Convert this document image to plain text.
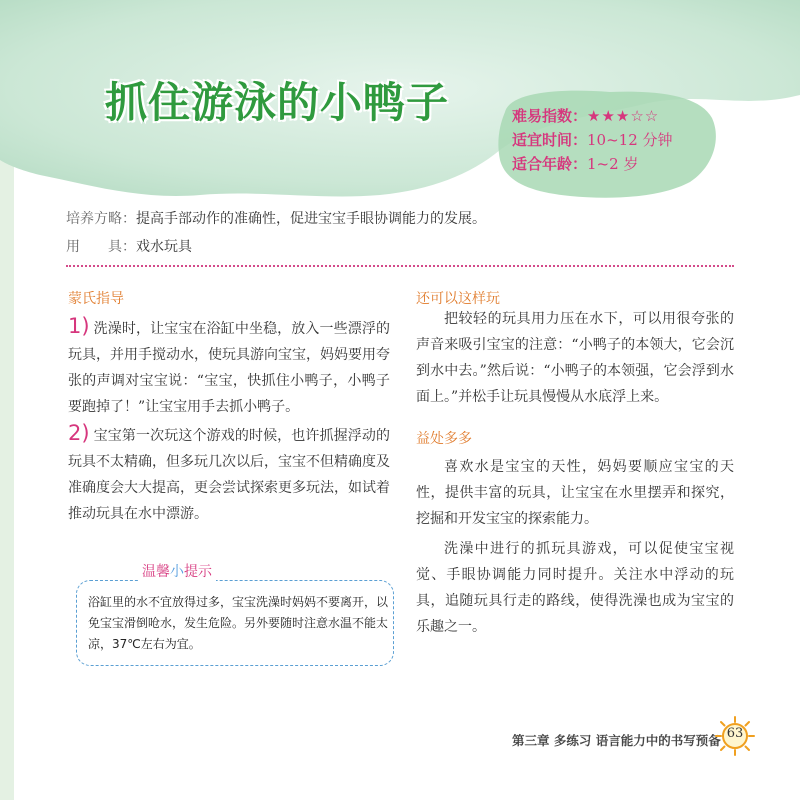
抓住游泳的小鸭子	难易指数：★★★☆☆
适宜时间：10~12 分钟
适合年龄：1~2 岁
培养方略：提高手部动作的准确性，促进宝宝手眼协调能力的发展。
用　　具：戏水玩具
蒙氏指导
1) 洗澡时，让宝宝在浴缸中坐稳，放入一些漂浮的玩具，并用手搅动水，使玩具游向宝宝，妈妈要用夸张的声调对宝宝说：“宝宝，快抓住小鸭子，小鸭子要跑掉了！”让宝宝用手去抓小鸭子。
2) 宝宝第一次玩这个游戏的时候，也许抓握浮动的玩具不太精确，但多玩几次以后，宝宝不但精确度及准确度会大大提高，更会尝试探索更多玩法，如试着推动玩具在水中漂游。
温馨小提示
浴缸里的水不宜放得过多，宝宝洗澡时妈妈不要离开，以免宝宝滑倒呛水，发生危险。另外要随时注意水温不能太凉，37℃左右为宜。
还可以这样玩
把较轻的玩具用力压在水下，可以用很夸张的声音来吸引宝宝的注意：“小鸭子的本领大，它会沉到水中去。”然后说：“小鸭子的本领强，它会浮到水面上。”并松手让玩具慢慢从水底浮上来。
益处多多
喜欢水是宝宝的天性，妈妈要顺应宝宝的天性，提供丰富的玩具，让宝宝在水里摆弄和探究，挖掘和开发宝宝的探索能力。
洗澡中进行的抓玩具游戏，可以促使宝宝视觉、手眼协调能力同时提升。关注水中浮动的玩具，追随玩具行走的路线，使得洗澡也成为宝宝的乐趣之一。
第三章 多练习 语言能力中的书写预备 63
